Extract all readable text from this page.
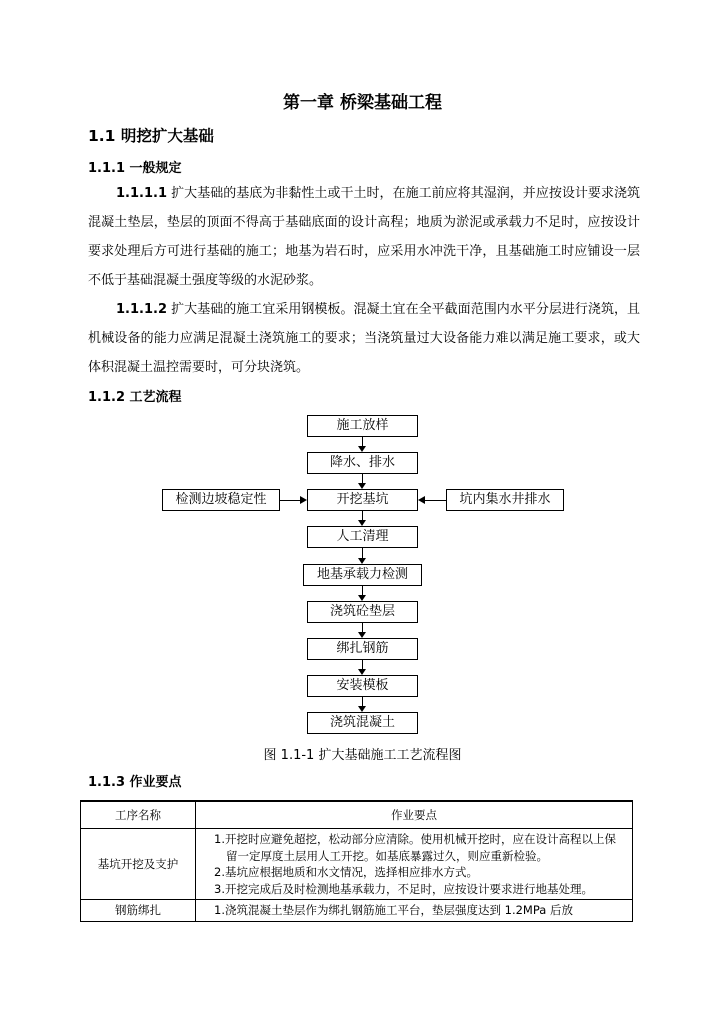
第一章 桥梁基础工程
1.1 明挖扩大基础
1.1.1 一般规定
1.1.1.1 扩大基础的基底为非黏性土或干土时，在施工前应将其湿润，并应按设计要求浇筑混凝土垫层，垫层的顶面不得高于基础底面的设计高程；地质为淤泥或承载力不足时，应按设计要求处理后方可进行基础的施工；地基为岩石时，应采用水冲洗干净，且基础施工时应铺设一层不低于基础混凝土强度等级的水泥砂浆。
1.1.1.2 扩大基础的施工宜采用钢模板。混凝土宜在全平截面范围内水平分层进行浇筑，且机械设备的能力应满足混凝土浇筑施工的要求；当浇筑量过大设备能力难以满足施工要求，或大体积混凝土温控需要时，可分块浇筑。
1.1.2 工艺流程
施工放样
降水、排水
检测边坡稳定性	开挖基坑	坑内集水井排水
人工清理
地基承载力检测
浇筑砼垫层
绑扎钢筋
安装模板
浇筑混凝土
图 1.1-1 扩大基础施工工艺流程图
1.1.3 作业要点
工序名称	作业要点
基坑开挖及支护	1.开挖时应避免超挖，松动部分应清除。使用机械开挖时，应在设计高程以上保留一定厚度土层用人工开挖。如基底暴露过久，则应重新检验。
2.基坑应根据地质和水文情况，选择相应排水方式。
3.开挖完成后及时检测地基承载力，不足时，应按设计要求进行地基处理。

钢筋绑扎	1.浇筑混凝土垫层作为绑扎钢筋施工平台，垫层强度达到 1.2MPa 后放
